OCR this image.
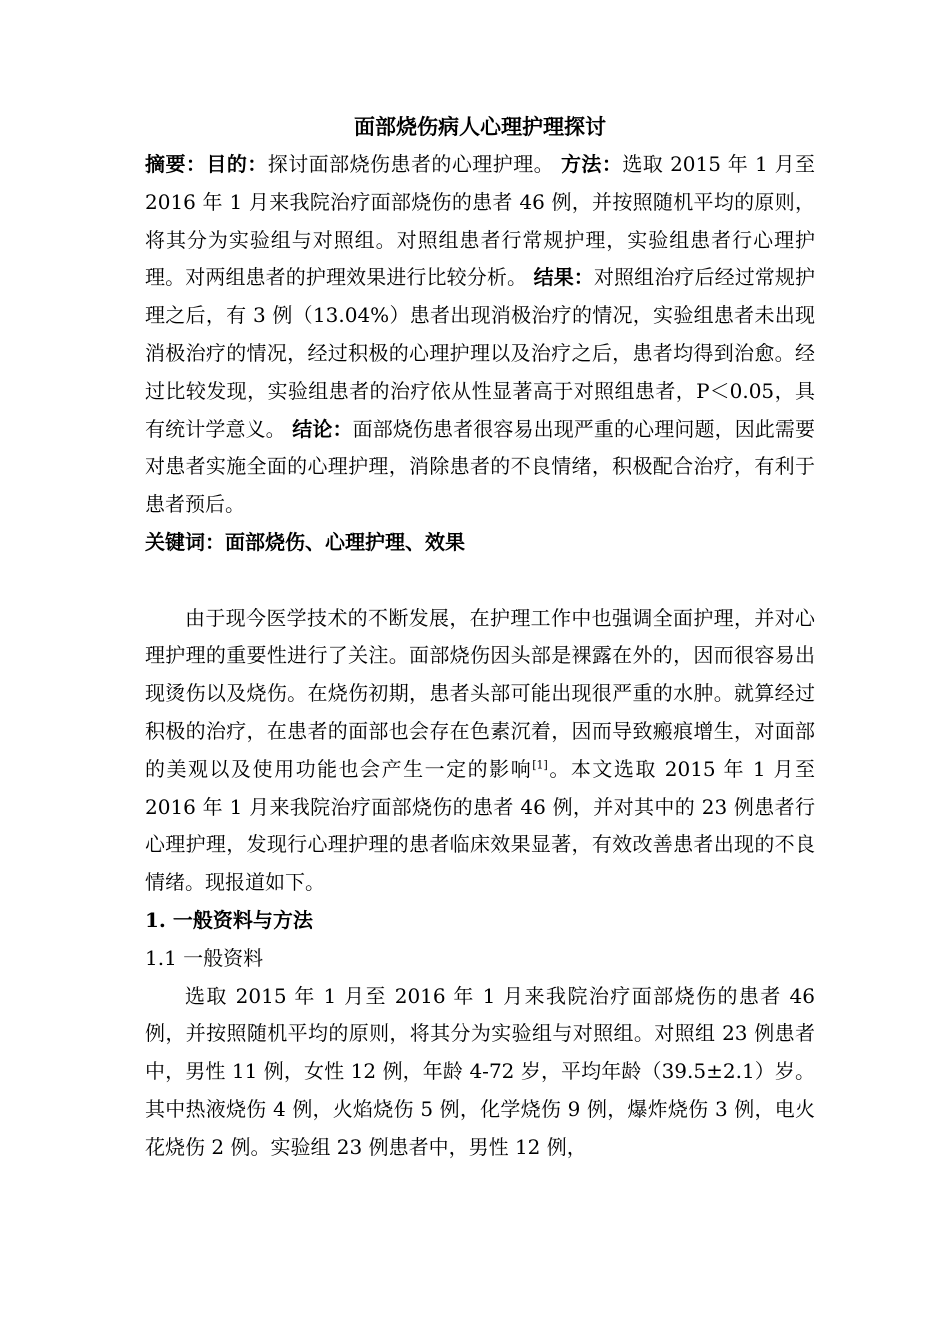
面部烧伤病人心理护理探讨

摘要：目的：探讨面部烧伤患者的心理护理。 方法：选取 2015 年 1 月至 2016 年 1 月来我院治疗面部烧伤的患者 46 例，并按照随机平均的原则，将其分为实验组与对照组。对照组患者行常规护理，实验组患者行心理护理。对两组患者的护理效果进行比较分析。 结果：对照组治疗后经过常规护理之后，有 3 例（13.04%）患者出现消极治疗的情况，实验组患者未出现消极治疗的情况，经过积极的心理护理以及治疗之后，患者均得到治愈。经过比较发现，实验组患者的治疗依从性显著高于对照组患者，P＜0.05，具有统计学意义。 结论：面部烧伤患者很容易出现严重的心理问题，因此需要对患者实施全面的心理护理，消除患者的不良情绪，积极配合治疗，有利于患者预后。

关键词：面部烧伤、心理护理、效果

由于现今医学技术的不断发展，在护理工作中也强调全面护理，并对心理护理的重要性进行了关注。面部烧伤因头部是裸露在外的，因而很容易出现烫伤以及烧伤。在烧伤初期，患者头部可能出现很严重的水肿。就算经过积极的治疗，在患者的面部也会存在色素沉着，因而导致瘢痕增生，对面部的美观以及使用功能也会产生一定的影响[1]。本文选取 2015 年 1 月至 2016 年 1 月来我院治疗面部烧伤的患者 46 例，并对其中的 23 例患者行心理护理，发现行心理护理的患者临床效果显著，有效改善患者出现的不良情绪。现报道如下。

1. 一般资料与方法
1.1 一般资料

选取 2015 年 1 月至 2016 年 1 月来我院治疗面部烧伤的患者 46 例，并按照随机平均的原则，将其分为实验组与对照组。对照组 23 例患者中，男性 11 例，女性 12 例，年龄 4-72 岁，平均年龄（39.5±2.1）岁。其中热液烧伤 4 例，火焰烧伤 5 例，化学烧伤 9 例，爆炸烧伤 3 例，电火花烧伤 2 例。实验组 23 例患者中，男性 12 例，
